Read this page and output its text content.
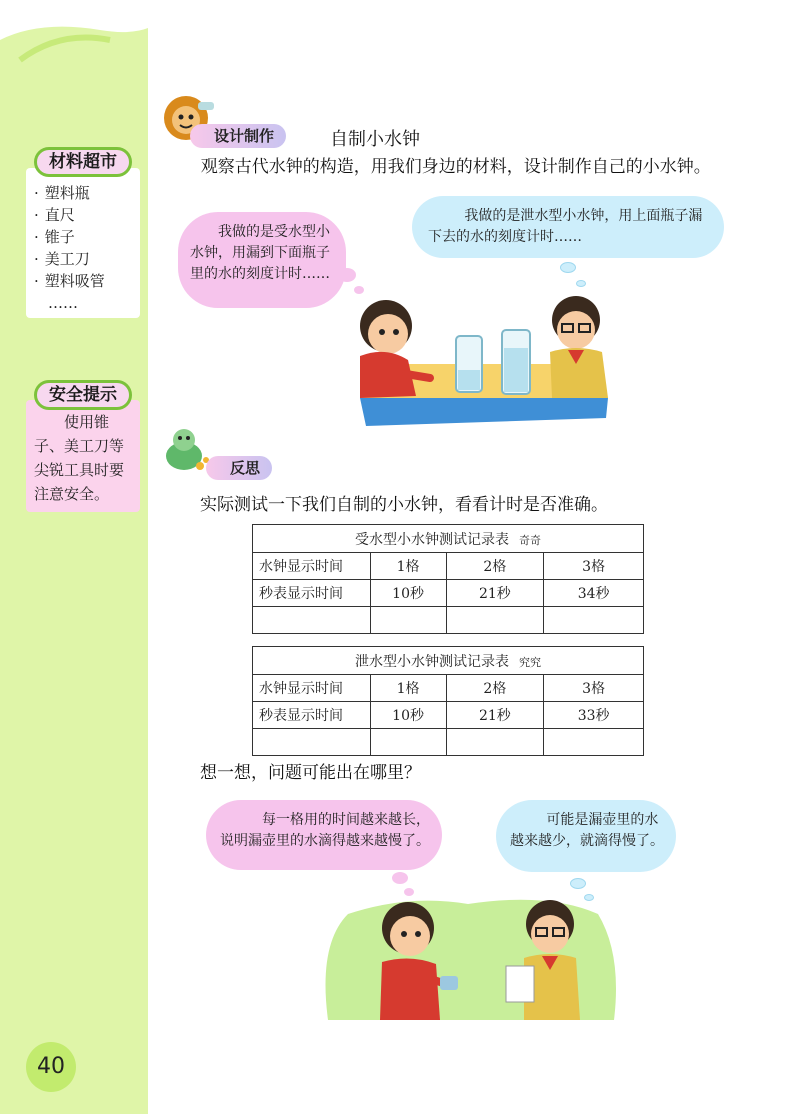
· 塑料瓶
· 直尺
· 锥子
· 美工刀
· 塑料吸管
……
材料超市

使用锥子、美工刀等尖锐工具时要注意安全。

安全提示
40
设计制作	自制小水钟

观察古代水钟的构造，用我们身边的材料，设计制作自己的小水钟。

我做的是受水型小水钟，用漏到下面瓶子里的水的刻度计时……
我做的是泄水型小水钟，用上面瓶子漏下去的水的刻度计时……
反思

实际测试一下我们自制的小水钟，看看计时是否准确。

受水型小水钟测试记录表 奇奇			
水钟显示时间	1格	2格	3格
秒表显示时间	10秒	21秒	34秒

泄水型小水钟测试记录表 究究			
水钟显示时间	1格	2格	3格
秒表显示时间	10秒	21秒	33秒

想一想，问题可能出在哪里？

每一格用的时间越来越长，说明漏壶里的水滴得越来越慢了。
可能是漏壶里的水越来越少，就滴得慢了。
